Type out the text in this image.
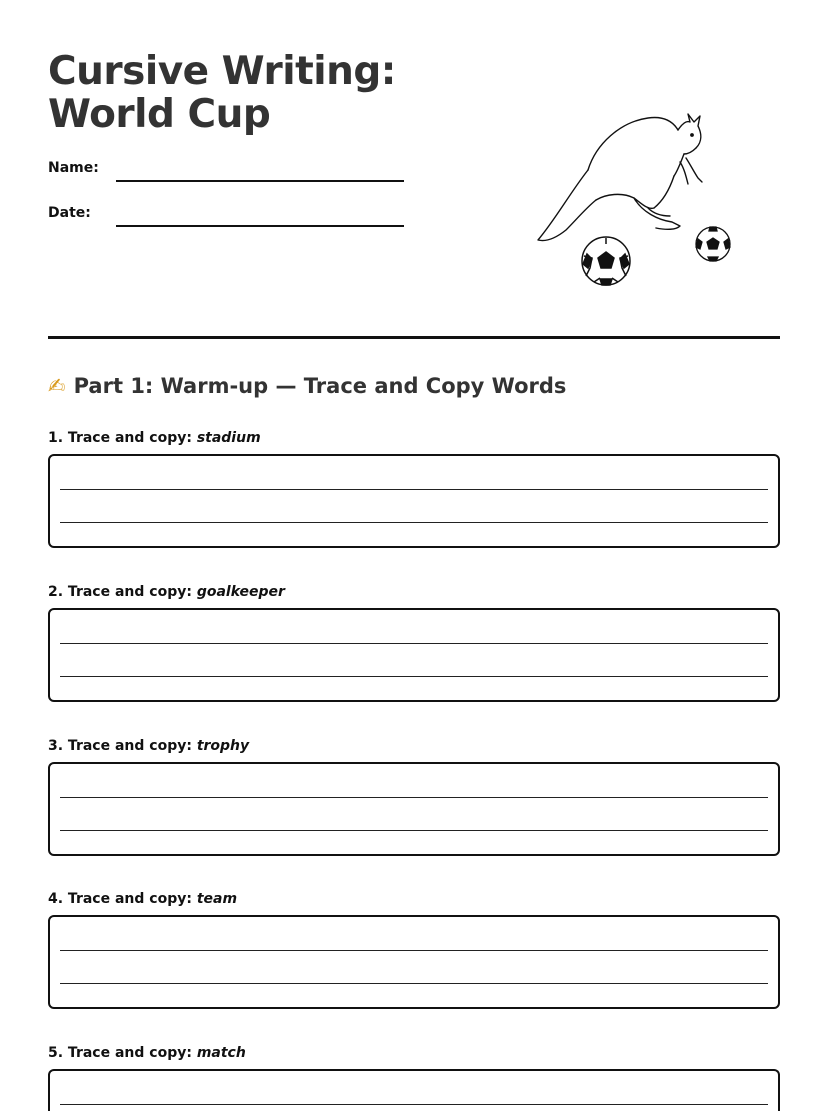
Cursive Writing: World Cup
Name:
Date:
✍ Part 1: Warm-up — Trace and Copy Words
1. Trace and copy: stadium
2. Trace and copy: goalkeeper
3. Trace and copy: trophy
4. Trace and copy: team
5. Trace and copy: match
